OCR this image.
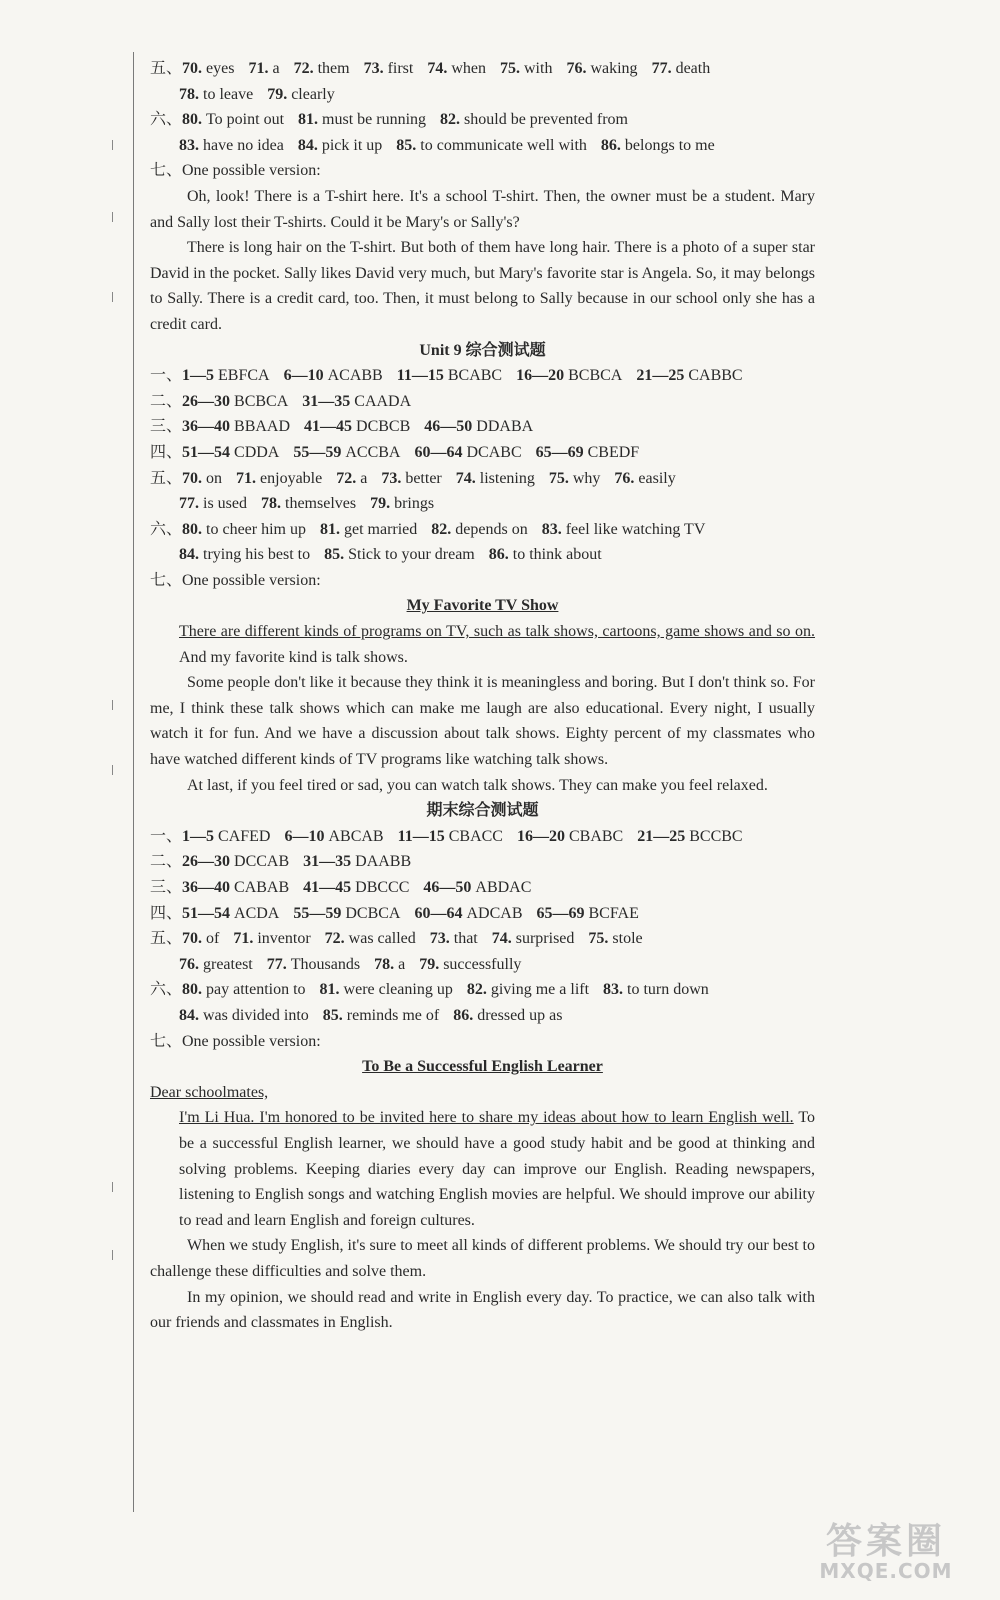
五、70. eyes 71. a 72. them 73. first 74. when 75. with 76. waking 77. death
78. to leave 79. clearly
六、80. To point out 81. must be running 82. should be prevented from
83. have no idea 84. pick it up 85. to communicate well with 86. belongs to me
七、One possible version:
Oh, look! There is a T-shirt here. It's a school T-shirt. Then, the owner must be a student. Mary and Sally lost their T-shirts. Could it be Mary's or Sally's?
There is long hair on the T-shirt. But both of them have long hair. There is a photo of a super star David in the pocket. Sally likes David very much, but Mary's favorite star is Angela. So, it may belongs to Sally. There is a credit card, too. Then, it must belong to Sally because in our school only she has a credit card.
Unit 9 综合测试题
一、1—5 EBFCA 6—10 ACABB 11—15 BCABC 16—20 BCBCA 21—25 CABBC
二、26—30 BCBCA 31—35 CAADA
三、36—40 BBAAD 41—45 DCBCB 46—50 DDABA
四、51—54 CDDA 55—59 ACCBA 60—64 DCABC 65—69 CBEDF
五、70. on 71. enjoyable 72. a 73. better 74. listening 75. why 76. easily
77. is used 78. themselves 79. brings
六、80. to cheer him up 81. get married 82. depends on 83. feel like watching TV
84. trying his best to 85. Stick to your dream 86. to think about
七、One possible version:
My Favorite TV Show
There are different kinds of programs on TV, such as talk shows, cartoons, game shows and so on. And my favorite kind is talk shows.
Some people don't like it because they think it is meaningless and boring. But I don't think so. For me, I think these talk shows which can make me laugh are also educational. Every night, I usually watch it for fun. And we have a discussion about talk shows. Eighty percent of my classmates who have watched different kinds of TV programs like watching talk shows.
At last, if you feel tired or sad, you can watch talk shows. They can make you feel relaxed.
期末综合测试题
一、1—5 CAFED 6—10 ABCAB 11—15 CBACC 16—20 CBABC 21—25 BCCBC
二、26—30 DCCAB 31—35 DAABB
三、36—40 CABAB 41—45 DBCCC 46—50 ABDAC
四、51—54 ACDA 55—59 DCBCA 60—64 ADCAB 65—69 BCFAE
五、70. of 71. inventor 72. was called 73. that 74. surprised 75. stole
76. greatest 77. Thousands 78. a 79. successfully
六、80. pay attention to 81. were cleaning up 82. giving me a lift 83. to turn down
84. was divided into 85. reminds me of 86. dressed up as
七、One possible version:
To Be a Successful English Learner
Dear schoolmates,
I'm Li Hua. I'm honored to be invited here to share my ideas about how to learn English well. To be a successful English learner, we should have a good study habit and be good at thinking and solving problems. Keeping diaries every day can improve our English. Reading newspapers, listening to English songs and watching English movies are helpful. We should improve our ability to read and learn English and foreign cultures.
When we study English, it's sure to meet all kinds of different problems. We should try our best to challenge these difficulties and solve them.
In my opinion, we should read and write in English every day. To practice, we can also talk with our friends and classmates in English.
答案圈
MXQE.COM
